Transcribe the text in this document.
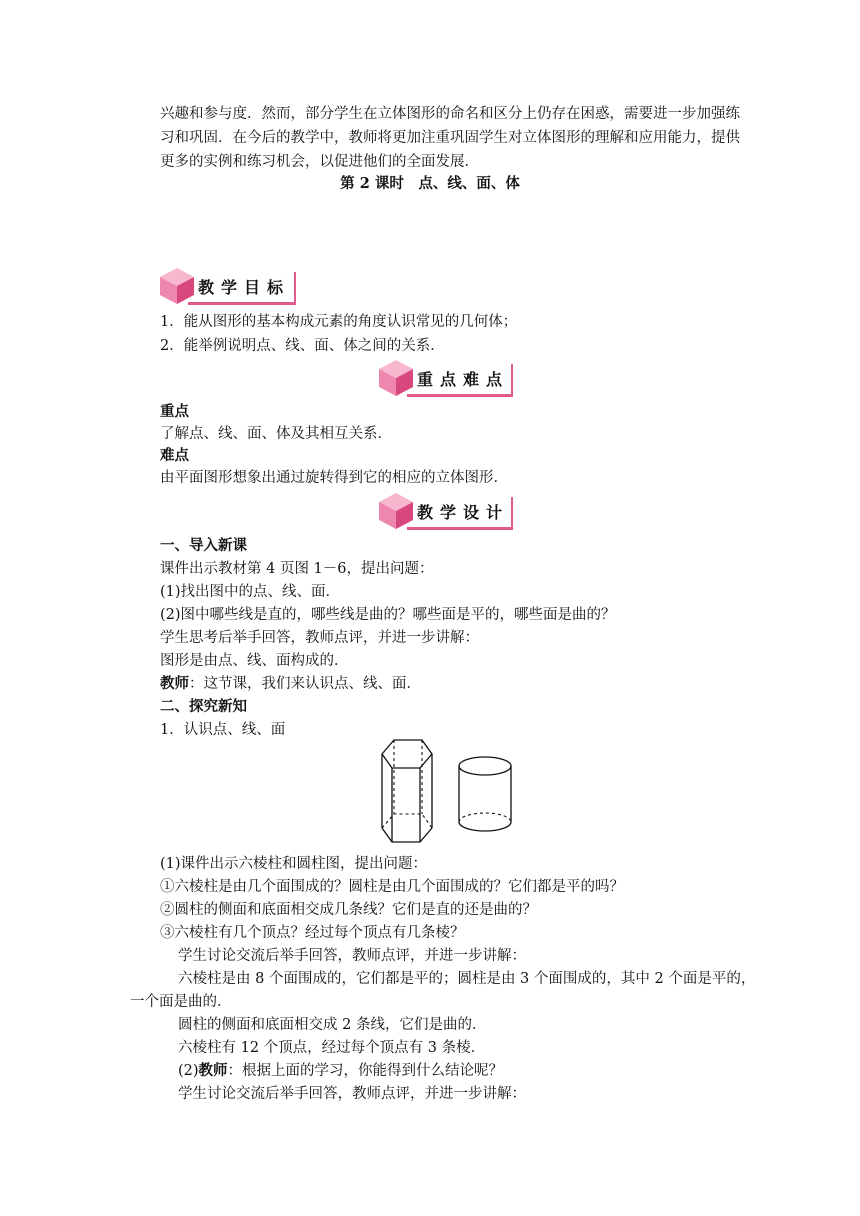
兴趣和参与度．然而，部分学生在立体图形的命名和区分上仍存在困惑，需要进一步加强练
习和巩固．在今后的教学中，教师将更加注重巩固学生对立体图形的理解和应用能力，提供
更多的实例和练习机会，以促进他们的全面发展．
第 2 课时　点、线、面、体
教学目标
1．能从图形的基本构成元素的角度认识常见的几何体；
2．能举例说明点、线、面、体之间的关系．
重点难点
重点
了解点、线、面、体及其相互关系．
难点
由平面图形想象出通过旋转得到它的相应的立体图形．
教学设计
一、导入新课
课件出示教材第 4 页图 1－6，提出问题：
(1)找出图中的点、线、面．
(2)图中哪些线是直的，哪些线是曲的？哪些面是平的，哪些面是曲的？
学生思考后举手回答，教师点评，并进一步讲解：
图形是由点、线、面构成的．
教师：这节课，我们来认识点、线、面．
二、探究新知
1．认识点、线、面
(1)课件出示六棱柱和圆柱图，提出问题：
①六棱柱是由几个面围成的？圆柱是由几个面围成的？它们都是平的吗？
②圆柱的侧面和底面相交成几条线？它们是直的还是曲的？
③六棱柱有几个顶点？经过每个顶点有几条棱？
学生讨论交流后举手回答，教师点评，并进一步讲解：
六棱柱是由 8 个面围成的，它们都是平的；圆柱是由 3 个面围成的，其中 2 个面是平的，
一个面是曲的．
圆柱的侧面和底面相交成 2 条线，它们是曲的．
六棱柱有 12 个顶点，经过每个顶点有 3 条棱．
(2)教师：根据上面的学习，你能得到什么结论呢？
学生讨论交流后举手回答，教师点评，并进一步讲解：
